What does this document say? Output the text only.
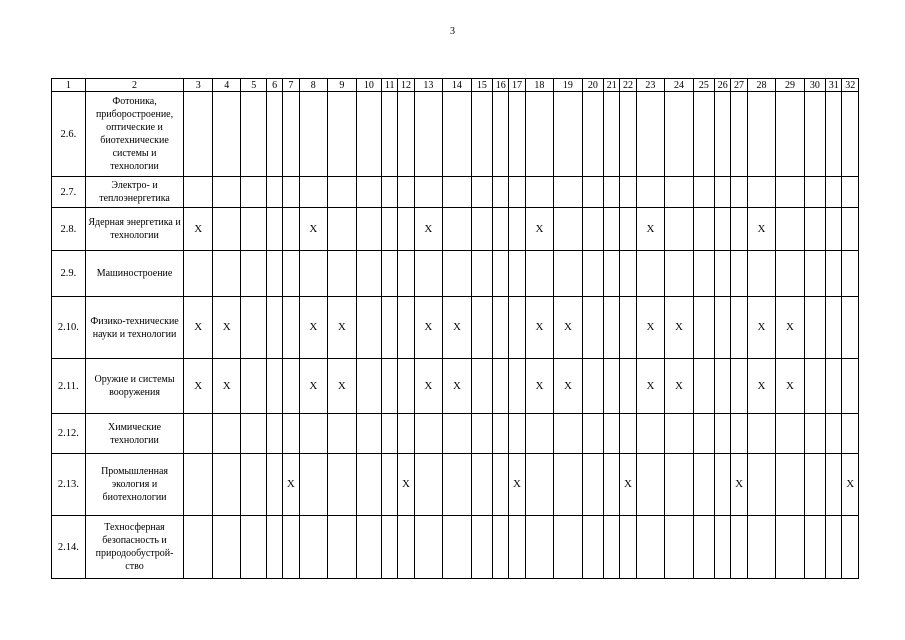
3
1	2	3	4	5	6	7	8	9	10	11	12	13	14	15	16	17	18	19	20	21	22	23	24	25	26	27	28	29	30	31	32
2.6.	Фотоника, приборостроение, оптические и биотехнические системы и технологии																														
2.7.	Электро- и теплоэнергетика																														
2.8.	Ядерная энергетика и технологии	X					X					X					X					X					X				
2.9.	Машиностроение																														
2.10.	Физико-технические науки и технологии	X	X				X	X				X	X				X	X				X	X				X	X			
2.11.	Оружие и системы вооружения	X	X				X	X				X	X				X	X				X	X				X	X			
2.12.	Химические технологии																														
2.13.	Промышленная экология и биотехнологии					X					X					X					X					X					X
2.14.	Техносферная безопасность и природообустрой-ство																														
